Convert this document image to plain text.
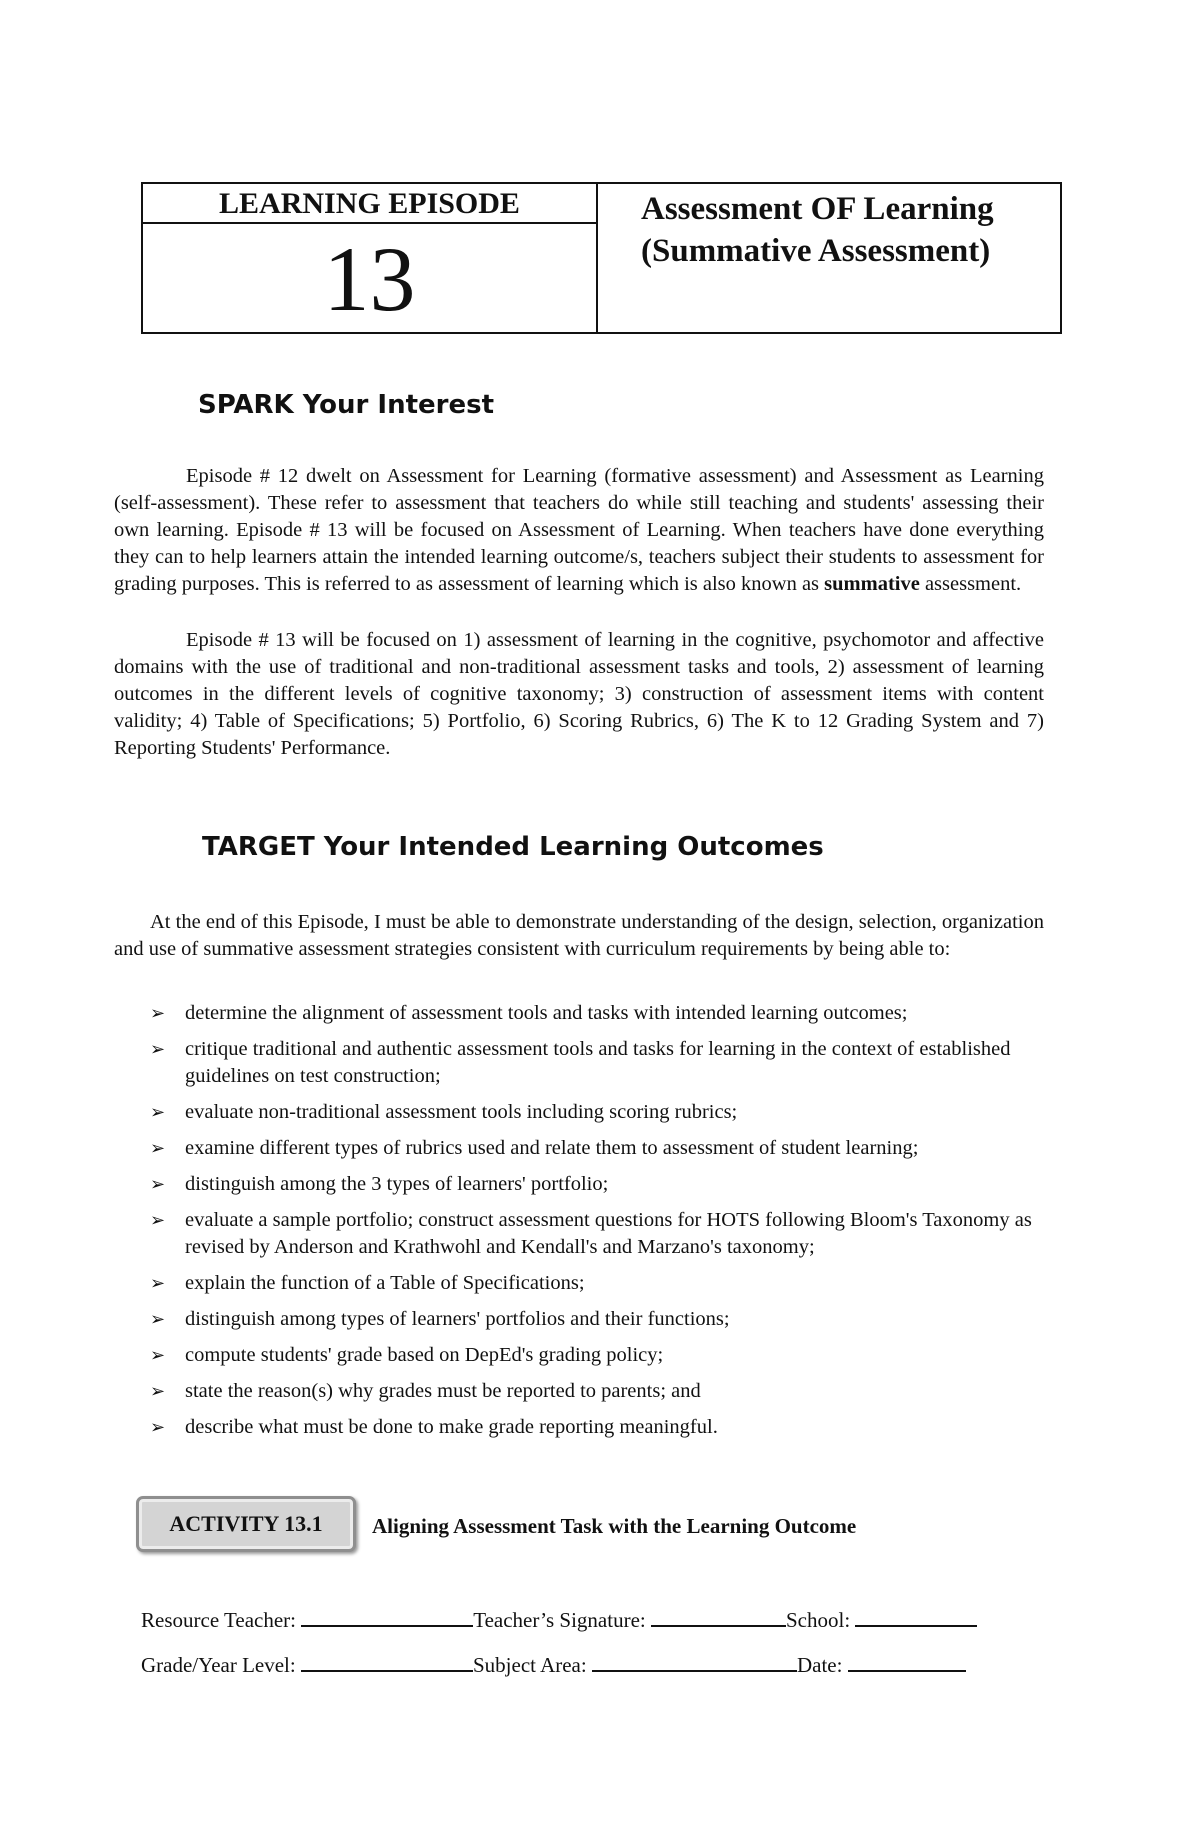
LEARNING EPISODE
13
Assessment OF Learning
(Summative Assessment)
SPARK Your Interest

Episode # 12 dwelt on Assessment for Learning (formative assessment) and Assessment as Learning (self-assessment). These refer to assessment that teachers do while still teaching and students' assessing their own learning. Episode # 13 will be focused on Assessment of Learning. When teachers have done everything they can to help learners attain the intended learning outcome/s, teachers subject their students to assessment for grading purposes. This is referred to as assessment of learning which is also known as summative assessment.

Episode # 13 will be focused on 1) assessment of learning in the cognitive, psychomotor and affective domains with the use of traditional and non-traditional assessment tasks and tools, 2) assessment of learning outcomes in the different levels of cognitive taxonomy; 3) construction of assessment items with content validity; 4) Table of Specifications; 5) Portfolio, 6) Scoring Rubrics, 6) The K to 12 Grading System and 7) Reporting Students' Performance.

TARGET Your Intended Learning Outcomes

At the end of this Episode, I must be able to demonstrate understanding of the design, selection, organization and use of summative assessment strategies consistent with curriculum requirements by being able to:

➢ determine the alignment of assessment tools and tasks with intended learning outcomes;
➢ critique traditional and authentic assessment tools and tasks for learning in the context of established guidelines on test construction;
➢ evaluate non-traditional assessment tools including scoring rubrics;
➢ examine different types of rubrics used and relate them to assessment of student learning;
➢ distinguish among the 3 types of learners' portfolio;
➢ evaluate a sample portfolio; construct assessment questions for HOTS following Bloom's Taxonomy as revised by Anderson and Krathwohl and Kendall's and Marzano's taxonomy;
➢ explain the function of a Table of Specifications;
➢ distinguish among types of learners' portfolios and their functions;
➢ compute students' grade based on DepEd's grading policy;
➢ state the reason(s) why grades must be reported to parents; and
➢ describe what must be done to make grade reporting meaningful.
ACTIVITY 13.1	Aligning Assessment Task with the Learning Outcome
Resource Teacher:	Teacher’s Signature:	School:
Grade/Year Level:	Subject Area:	Date:
